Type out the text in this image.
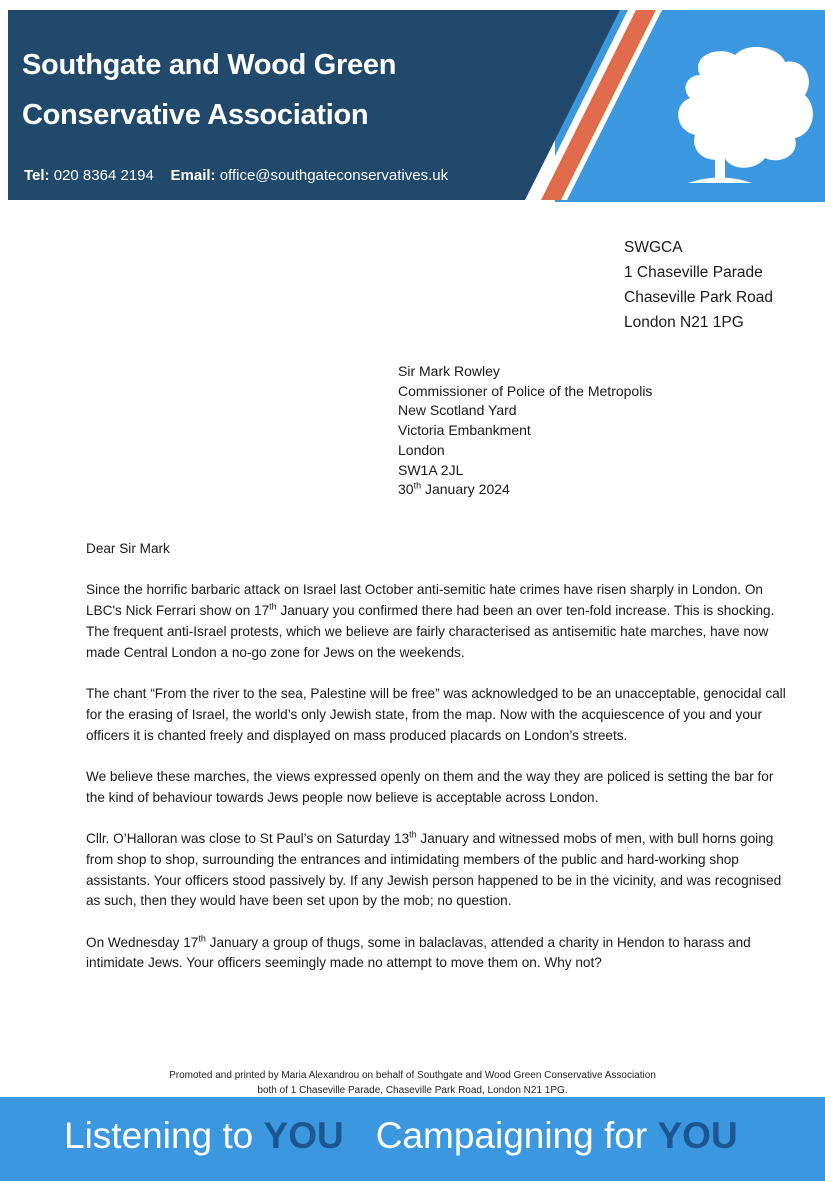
Southgate and Wood Green
Conservative Association
Tel: 020 8364 2194 Email: office@southgateconservatives.uk
SWGCA
1 Chaseville Parade
Chaseville Park Road
London N21 1PG
Sir Mark Rowley
Commissioner of Police of the Metropolis
New Scotland Yard
Victoria Embankment
London
SW1A 2JL
30th January 2024

Dear Sir Mark

Since the horrific barbaric attack on Israel last October anti-semitic hate crimes have risen sharply in London. On LBC's Nick Ferrari show on 17th January you confirmed there had been an over ten-fold increase. This is shocking. The frequent anti-Israel protests, which we believe are fairly characterised as antisemitic hate marches, have now made Central London a no-go zone for Jews on the weekends.

The chant “From the river to the sea, Palestine will be free” was acknowledged to be an unacceptable, genocidal call for the erasing of Israel, the world’s only Jewish state, from the map. Now with the acquiescence of you and your officers it is chanted freely and displayed on mass produced placards on London’s streets.

We believe these marches, the views expressed openly on them and the way they are policed is setting the bar for the kind of behaviour towards Jews people now believe is acceptable across London.

Cllr. O’Halloran was close to St Paul’s on Saturday 13th January and witnessed mobs of men, with bull horns going from shop to shop, surrounding the entrances and intimidating members of the public and hard-working shop assistants. Your officers stood passively by. If any Jewish person happened to be in the vicinity, and was recognised as such, then they would have been set upon by the mob; no question.

On Wednesday 17th January a group of thugs, some in balaclavas, attended a charity in Hendon to harass and intimidate Jews. Your officers seemingly made no attempt to move them on. Why not?

Promoted and printed by Maria Alexandrou on behalf of Southgate and Wood Green Conservative Association
both of 1 Chaseville Parade, Chaseville Park Road, London N21 1PG.
Listening to YOU Campaigning for YOU
